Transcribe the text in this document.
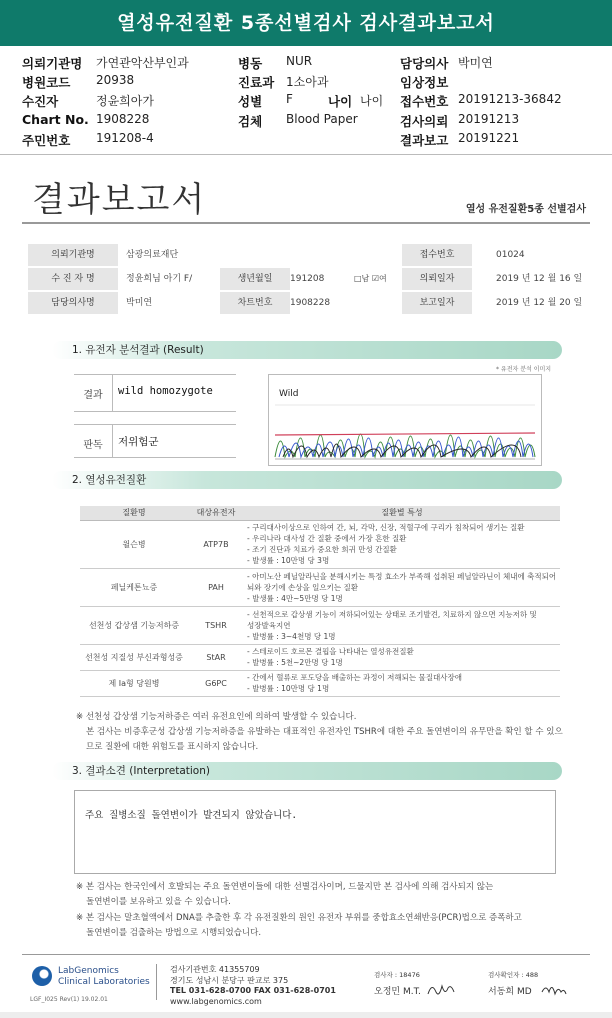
열성유전질환 5종선별검사 검사결과보고서
의뢰기관명 가연관악산부인과	병동 NUR	담당의사 박미연
병원코드 20938	진료과 1소아과	임상정보
수진자	정윤희아가	성별 F	나이 나이 접수번호 20191213-36842
Chart No. 1908228	검체 Blood Paper	검사의뢰 20191213
주민번호 191208-4	결과보고 20191221
결과보고서	열성 유전질환5종 선별검사
의뢰기관명	삼광의료재단	접수번호	01024
수 진 자 명	정윤희님 아기 F/	생년월일	191208	□남 ☑여	의뢰일자	2019 년 12 월 16 일
담당의사명	박미연	차트번호	1908228	보고일자	2019 년 12 월 20 일
1. 유전자 분석결과 (Result)
* 유전자 분석 이미지
결과	wild homozygote
판독	저위험군
Wild
2. 열성유전질환
질환명	대상유전자	질환별 특성
윌슨병	ATP7B	- 구리대사이상으로 인하여 간, 뇌, 각막, 신장, 적혈구에 구리가 침착되어 생기는 질환
- 우리나라 대사성 간 질환 중에서 가장 흔한 질환
- 조기 진단과 치료가 중요한 희귀 만성 간질환
- 발생률 : 10만명 당 3명

페닐케톤뇨증	PAH	- 아미노산 페닐알라닌을 분해시키는 특정 효소가 부족해 섭취된 페닐알라닌이 체내에 축적되어
뇌와 장기에 손상을 일으키는 질환
- 발생률 : 4만~5만명 당 1명

선천성 갑상샘 기능저하증	TSHR	- 선천적으로 갑상샘 기능이 저하되어있는 상태로 조기발견, 치료하지 않으면 지능저하 및
성장발육지연
- 발병률 : 3~4천명 당 1명

선천성 지질성 부신과형성증	StAR	- 스테로이드 호르몬 결핍을 나타내는 열성유전질환
- 발병률 : 5천~2만명 당 1명

제 Ia형 당원병	G6PC	- 간에서 혈류로 포도당을 배출하는 과정이 저해되는 물질대사장애
- 발병률 : 10만명 당 1명
※ 선천성 갑상샘 기능저하증은 여러 유전요인에 의하여 발생할 수 있습니다.
본 검사는 비증후군성 갑상샘 기능저하증을 유발하는 대표적인 유전자인 TSHR에 대한 주요 돌연변이의 유무만을 확인 할 수 있으
므로 질환에 대한 위험도를 표시하지 않습니다.
3. 결과소견 (Interpretation)
주요 질병소질 돌연변이가 발견되지 않았습니다.
※ 본 검사는 한국인에서 호발되는 주요 돌연변이들에 대한 선별검사이며, 드물지만 본 검사에 의해 검사되지 않는
돌연변이를 보유하고 있을 수 있습니다.
※ 본 검사는 말초혈액에서 DNA를 추출한 후 각 유전질환의 원인 유전자 부위를 중합효소연쇄반응(PCR)법으로 증폭하고
돌연변이를 검출하는 방법으로 시행되었습니다.
LabGenomics
Clinical Laboratories
LGF_I025 Rev(1) 19.02.01
검사기관번호 41355709
경기도 성남시 분당구 판교로 375
TEL 031-628-0700 FAX 031-628-0701
www.labgenomics.com
검사자 : 18476
오정민 M.T.
검사확인자 : 488
서동희 MD
